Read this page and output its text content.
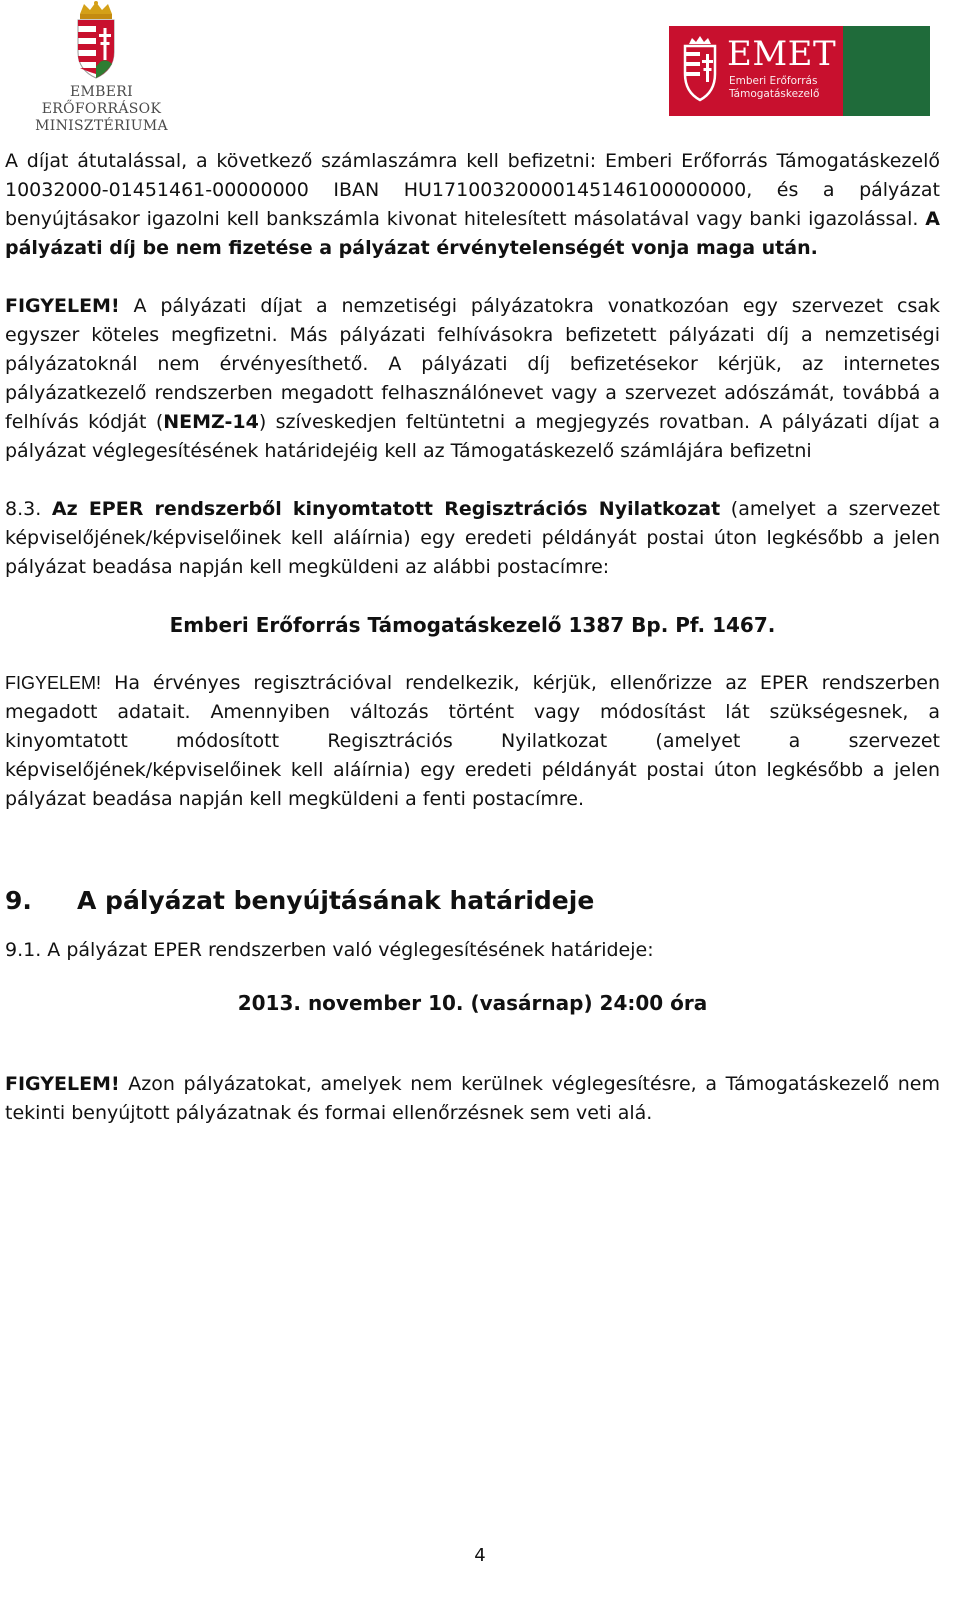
EMBERI ERŐFORRÁSOK
MINISZTÉRIUMA
EMET
Emberi Erőforrás
Támogatáskezelő

A díjat átutalással, a következő számlaszámra kell befizetni: Emberi Erőforrás Támogatáskezelő 10032000-01451461-00000000 IBAN HU17100320000145146100000000, és a pályázat benyújtásakor igazolni kell bankszámla kivonat hitelesített másolatával vagy banki igazolással. A pályázati díj be nem fizetése a pályázat érvénytelenségét vonja maga után.

FIGYELEM! A pályázati díjat a nemzetiségi pályázatokra vonatkozóan egy szervezet csak egyszer köteles megfizetni. Más pályázati felhívásokra befizetett pályázati díj a nemzetiségi pályázatoknál nem érvényesíthető. A pályázati díj befizetésekor kérjük, az internetes pályázatkezelő rendszerben megadott felhasználónevet vagy a szervezet adószámát, továbbá a felhívás kódját (NEMZ-14) szíveskedjen feltüntetni a megjegyzés rovatban. A pályázati díjat a pályázat véglegesítésének határidejéig kell az Támogatáskezelő számlájára befizetni

8.3. Az EPER rendszerből kinyomtatott Regisztrációs Nyilatkozat (amelyet a szervezet képviselőjének/képviselőinek kell aláírnia) egy eredeti példányát postai úton legkésőbb a jelen pályázat beadása napján kell megküldeni az alábbi postacímre:

Emberi Erőforrás Támogatáskezelő 1387 Bp. Pf. 1467.

FIGYELEM! Ha érvényes regisztrációval rendelkezik, kérjük, ellenőrizze az EPER rendszerben megadott adatait. Amennyiben változás történt vagy módosítást lát szükségesnek, a kinyomtatott módosított Regisztrációs Nyilatkozat (amelyet a szervezet képviselőjének/képviselőinek kell aláírnia) egy eredeti példányát postai úton legkésőbb a jelen pályázat beadása napján kell megküldeni a fenti postacímre.

9.	A pályázat benyújtásának határideje

9.1. A pályázat EPER rendszerben való véglegesítésének határideje:

2013. november 10. (vasárnap) 24:00 óra

FIGYELEM! Azon pályázatokat, amelyek nem kerülnek véglegesítésre, a Támogatáskezelő nem tekinti benyújtott pályázatnak és formai ellenőrzésnek sem veti alá.

4
